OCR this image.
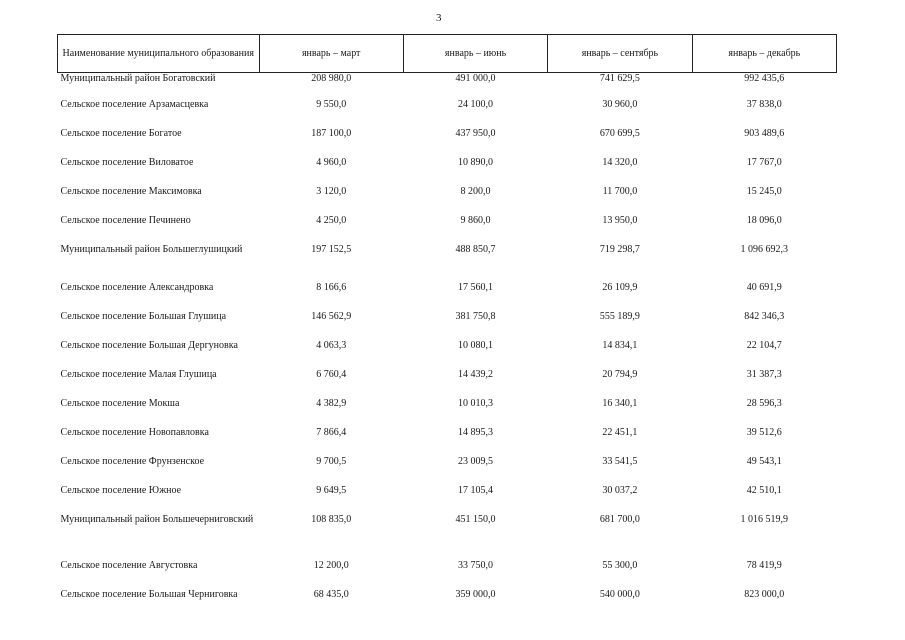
3
Наименование муниципального образования	январь – март	январь – июнь	январь – сентябрь	январь – декабрь
Муниципальный район Богатовский	208 980,0	491 000,0	741 629,5	992 435,6
Сельское поселение Арзамасцевка	9 550,0	24 100,0	30 960,0	37 838,0
Сельское поселение Богатое	187 100,0	437 950,0	670 699,5	903 489,6
Сельское поселение Виловатое	4 960,0	10 890,0	14 320,0	17 767,0
Сельское поселение Максимовка	3 120,0	8 200,0	11 700,0	15 245,0
Сельское поселение Печинено	4 250,0	9 860,0	13 950,0	18 096,0
Муниципальный район Большеглушицкий	197 152,5	488 850,7	719 298,7	1 096 692,3
Сельское поселение Александровка	8 166,6	17 560,1	26 109,9	40 691,9
Сельское поселение Большая Глушица	146 562,9	381 750,8	555 189,9	842 346,3
Сельское поселение Большая Дергуновка	4 063,3	10 080,1	14 834,1	22 104,7
Сельское поселение Малая Глушица	6 760,4	14 439,2	20 794,9	31 387,3
Сельское поселение Мокша	4 382,9	10 010,3	16 340,1	28 596,3
Сельское поселение Новопавловка	7 866,4	14 895,3	22 451,1	39 512,6
Сельское поселение Фрунзенское	9 700,5	23 009,5	33 541,5	49 543,1
Сельское поселение Южное	9 649,5	17 105,4	30 037,2	42 510,1
Муниципальный район Большечерниговский	108 835,0	451 150,0	681 700,0	1 016 519,9
Сельское поселение Августовка	12 200,0	33 750,0	55 300,0	78 419,9
Сельское поселение Большая Черниговка	68 435,0	359 000,0	540 000,0	823 000,0
